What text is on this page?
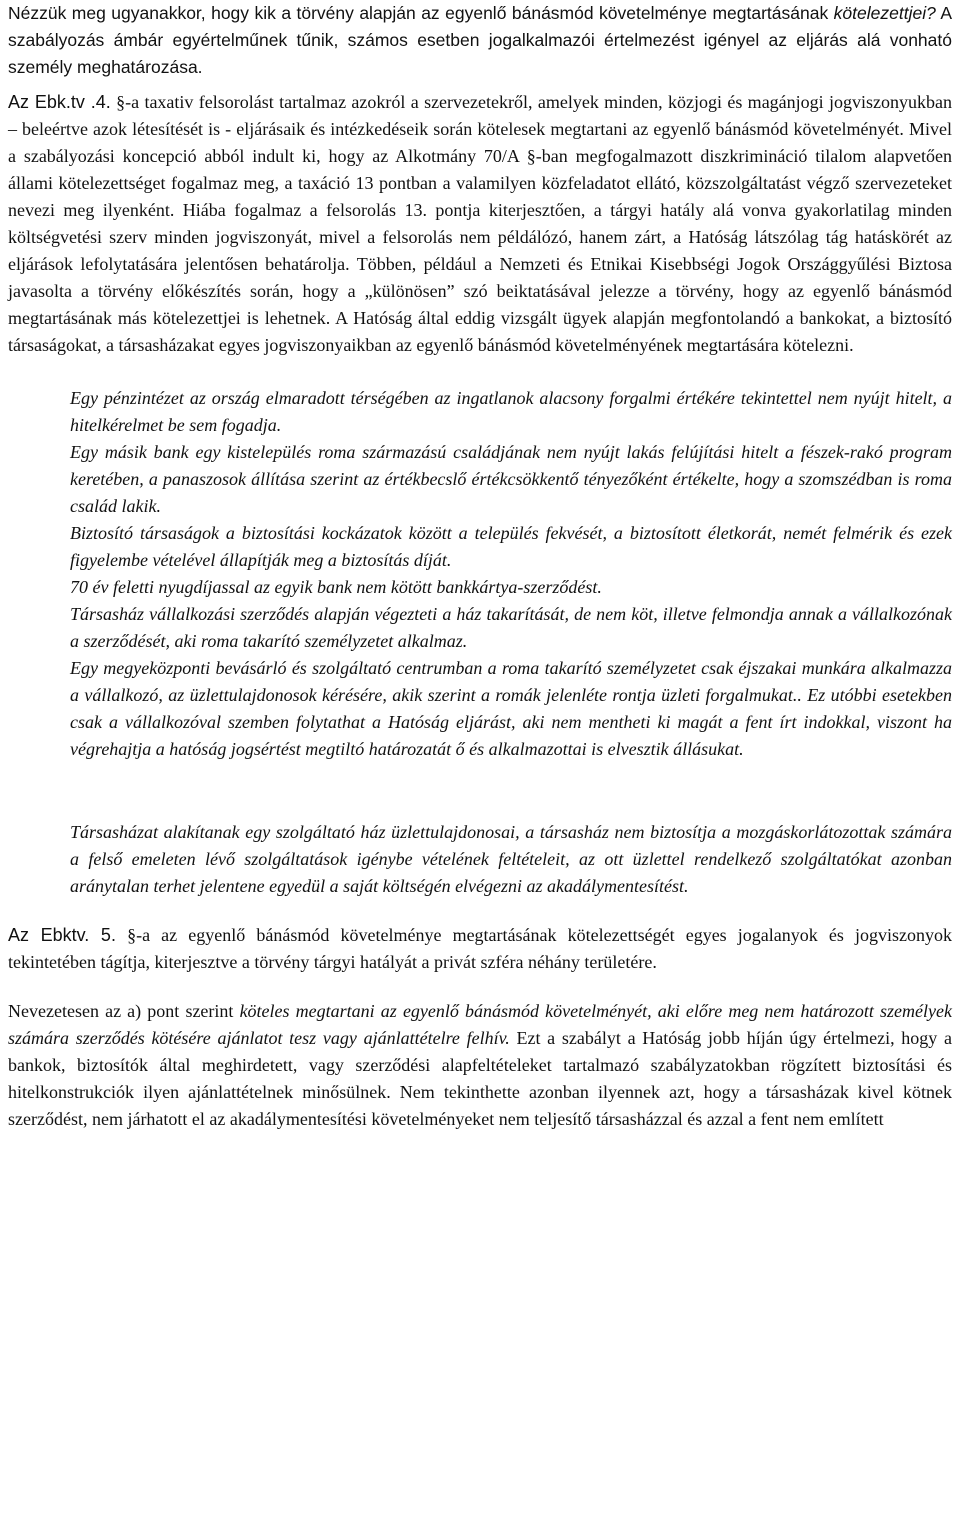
Nézzük meg ugyanakkor, hogy kik a törvény alapján az egyenlő bánásmód követelménye megtartásának kötelezettjei? A szabályozás ámbár egyértelműnek tűnik, számos esetben jogalkalmazói értelmezést igényel az eljárás alá vonható személy meghatározása.

Az Ebk.tv .4. §-a taxativ felsorolást tartalmaz azokról a szervezetekről, amelyek minden, közjogi és magánjogi jogviszonyukban – beleértve azok létesítését is - eljárásaik és intézkedéseik során kötelesek megtartani az egyenlő bánásmód követelményét. Mivel a szabályozási koncepció abból indult ki, hogy az Alkotmány 70/A §-ban megfogalmazott diszkrimináció tilalom alapvetően állami kötelezettséget fogalmaz meg, a taxáció 13 pontban a valamilyen közfeladatot ellátó, közszolgáltatást végző szervezeteket nevezi meg ilyenként. Hiába fogalmaz a felsorolás 13. pontja kiterjesztően, a tárgyi hatály alá vonva gyakorlatilag minden költségvetési szerv minden jogviszonyát, mivel a felsorolás nem példálózó, hanem zárt, a Hatóság látszólag tág hatáskörét az eljárások lefolytatására jelentősen behatárolja. Többen, például a Nemzeti és Etnikai Kisebbségi Jogok Országgyűlési Biztosa javasolta a törvény előkészítés során, hogy a „különösen” szó beiktatásával jelezze a törvény, hogy az egyenlő bánásmód megtartásának más kötelezettjei is lehetnek. A Hatóság által eddig vizsgált ügyek alapján megfontolandó a bankokat, a biztosító társaságokat, a társasházakat egyes jogviszonyaikban az egyenlő bánásmód követelményének megtartására kötelezni.

Egy pénzintézet az ország elmaradott térségében az ingatlanok alacsony forgalmi értékére tekintettel nem nyújt hitelt, a hitelkérelmet be sem fogadja.

Egy másik bank egy kistelepülés roma származású családjának nem nyújt lakás felújítási hitelt a fészek-rakó program keretében, a panaszosok állítása szerint az értékbecslő értékcsökkentő tényezőként értékelte, hogy a szomszédban is roma család lakik.

Biztosító társaságok a biztosítási kockázatok között a település fekvését, a biztosított életkorát, nemét felmérik és ezek figyelembe vételével állapítják meg a biztosítás díját.

70 év feletti nyugdíjassal az egyik bank nem kötött bankkártya-szerződést.

Társasház vállalkozási szerződés alapján végezteti a ház takarítását, de nem köt, illetve felmondja annak a vállalkozónak a szerződését, aki roma takarító személyzetet alkalmaz.

Egy megyeközponti bevásárló és szolgáltató centrumban a roma takarító személyzetet csak éjszakai munkára alkalmazza a vállalkozó, az üzlettulajdonosok kérésére, akik szerint a romák jelenléte rontja üzleti forgalmukat.. Ez utóbbi esetekben csak a vállalkozóval szemben folytathat a Hatóság eljárást, aki nem mentheti ki magát a fent írt indokkal, viszont ha végrehajtja a hatóság jogsértést megtiltó határozatát ő és alkalmazottai is elvesztik állásukat.

Társasházat alakítanak egy szolgáltató ház üzlettulajdonosai, a társasház nem biztosítja a mozgáskorlátozottak számára a felső emeleten lévő szolgáltatások igénybe vételének feltételeit, az ott üzlettel rendelkező szolgáltatókat azonban aránytalan terhet jelentene egyedül a saját költségén elvégezni az akadálymentesítést.

Az Ebktv. 5. §-a az egyenlő bánásmód követelménye megtartásának kötelezettségét egyes jogalanyok és jogviszonyok tekintetében tágítja, kiterjesztve a törvény tárgyi hatályát a privát szféra néhány területére.

Nevezetesen az a) pont szerint köteles megtartani az egyenlő bánásmód követelményét, aki előre meg nem határozott személyek számára szerződés kötésére ajánlatot tesz vagy ajánlattételre felhív. Ezt a szabályt a Hatóság jobb híján úgy értelmezi, hogy a bankok, biztosítók által meghirdetett, vagy szerződési alapfeltételeket tartalmazó szabályzatokban rögzített biztosítási és hitelkonstrukciók ilyen ajánlattételnek minősülnek. Nem tekinthette azonban ilyennek azt, hogy a társasházak kivel kötnek szerződést, nem járhatott el az akadálymentesítési követelményeket nem teljesítő társasházzal és azzal a fent nem említett
